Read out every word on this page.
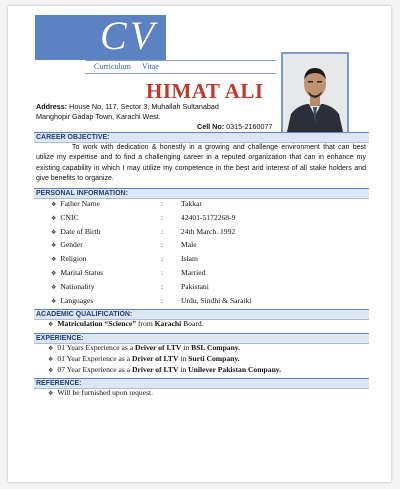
CV
Curriculum Vitae
HIMAT ALI
Address: House No, 117, Sector 3, Muhallah Sultanabad
Manghopir Gadap Town, Karachi West.
Cell No: 0315-2160077
CAREER OBJECTIVE:
To work with dedication & honestly in a growing and challenge environment that can best utilize my expertise and to find a challenging career in a reputed organization that can in enhance my existing capability in which I may utilize my competence in the best and interest of all stake holders and give benefits to organize.
PERSONAL INFORMATION:
❖ Father Name	: Takkar
❖ CNIC	: 42401-5172268-9
❖ Date of Birth	: 24th March. 1992
❖ Gender	: Male
❖ Religion	: Islam
❖ Marital Status	: Married
❖ Nationality	: Pakistani
❖ Languages	: Urdu, Sindhi & Saraiki
ACADEMIC QUALIFICATION:
❖ Matriculation “Science” from Karachi Board.
EXPERIENCE:
❖ 01 Years Experience as a Driver of LTV in BSL Company.
❖ 01 Year Experience as a Driver of LTV in Surti Company.
❖ 07 Year Experience as a Driver of LTV in Unilever Pakistan Company.
REFERENCE:
❖ Will be furnished upon request.
